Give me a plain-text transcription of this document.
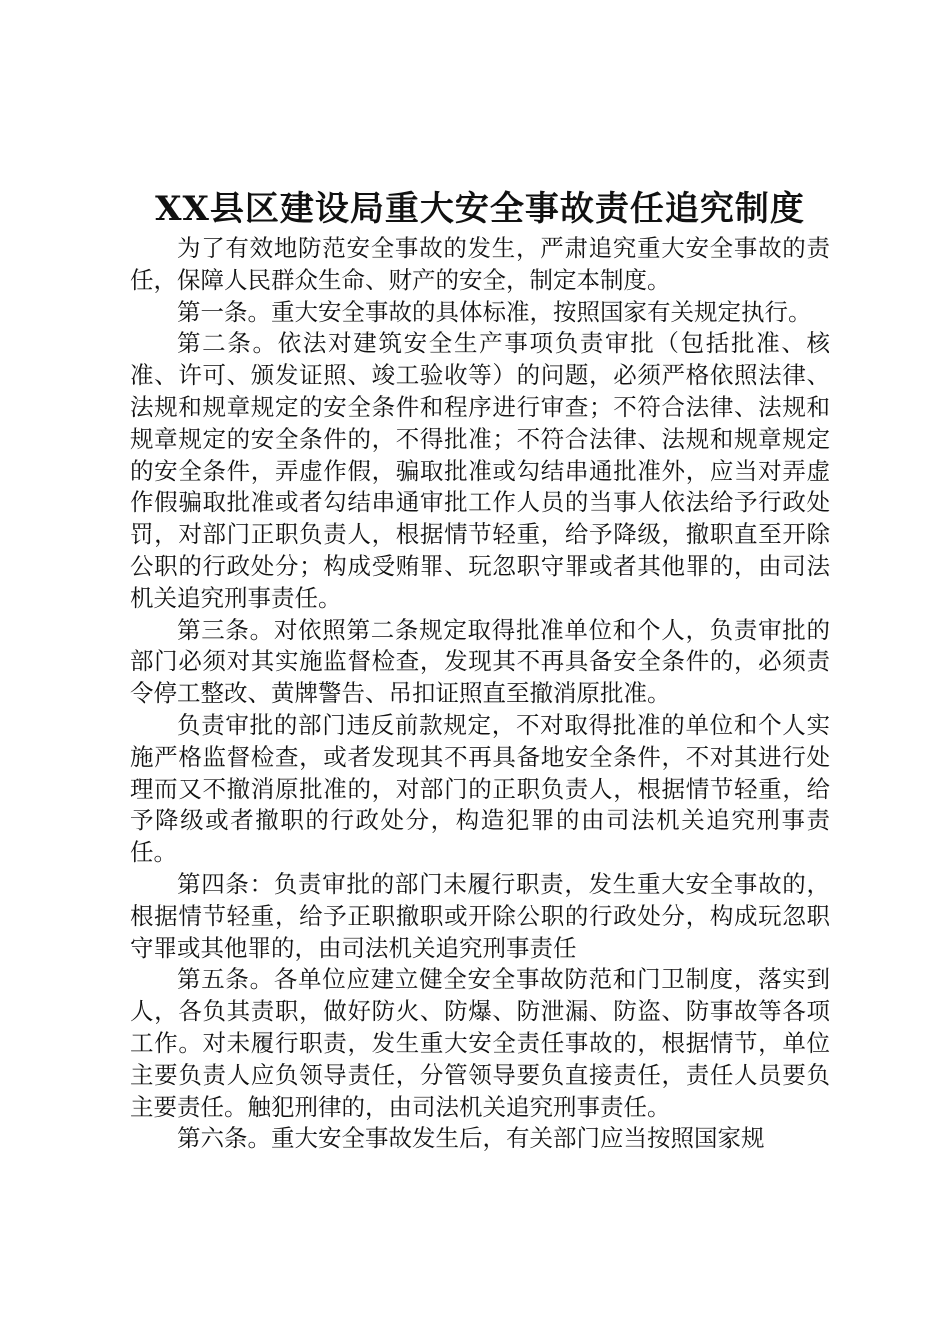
XX县区建设局重大安全事故责任追究制度

为了有效地防范安全事故的发生，严肃追究重大安全事故的责任，保障人民群众生命、财产的安全，制定本制度。

第一条。重大安全事故的具体标准，按照国家有关规定执行。

第二条。依法对建筑安全生产事项负责审批（包括批准、核准、许可、颁发证照、竣工验收等）的问题，必须严格依照法律、法规和规章规定的安全条件和程序进行审查；不符合法律、法规和规章规定的安全条件的，不得批准；不符合法律、法规和规章规定的安全条件，弄虚作假，骗取批准或勾结串通批准外，应当对弄虚作假骗取批准或者勾结串通审批工作人员的当事人依法给予行政处罚，对部门正职负责人，根据情节轻重，给予降级，撤职直至开除公职的行政处分；构成受贿罪、玩忽职守罪或者其他罪的，由司法机关追究刑事责任。

第三条。对依照第二条规定取得批准单位和个人，负责审批的部门必须对其实施监督检查，发现其不再具备安全条件的，必须责令停工整改、黄牌警告、吊扣证照直至撤消原批准。

负责审批的部门违反前款规定，不对取得批准的单位和个人实施严格监督检查，或者发现其不再具备地安全条件，不对其进行处理而又不撤消原批准的，对部门的正职负责人，根据情节轻重，给予降级或者撤职的行政处分，构造犯罪的由司法机关追究刑事责任。

第四条：负责审批的部门未履行职责，发生重大安全事故的，根据情节轻重，给予正职撤职或开除公职的行政处分，构成玩忽职守罪或其他罪的，由司法机关追究刑事责任

第五条。各单位应建立健全安全事故防范和门卫制度，落实到人，各负其责职，做好防火、防爆、防泄漏、防盗、防事故等各项工作。对未履行职责，发生重大安全责任事故的，根据情节，单位主要负责人应负领导责任，分管领导要负直接责任，责任人员要负主要责任。触犯刑律的，由司法机关追究刑事责任。

第六条。重大安全事故发生后，有关部门应当按照国家规
